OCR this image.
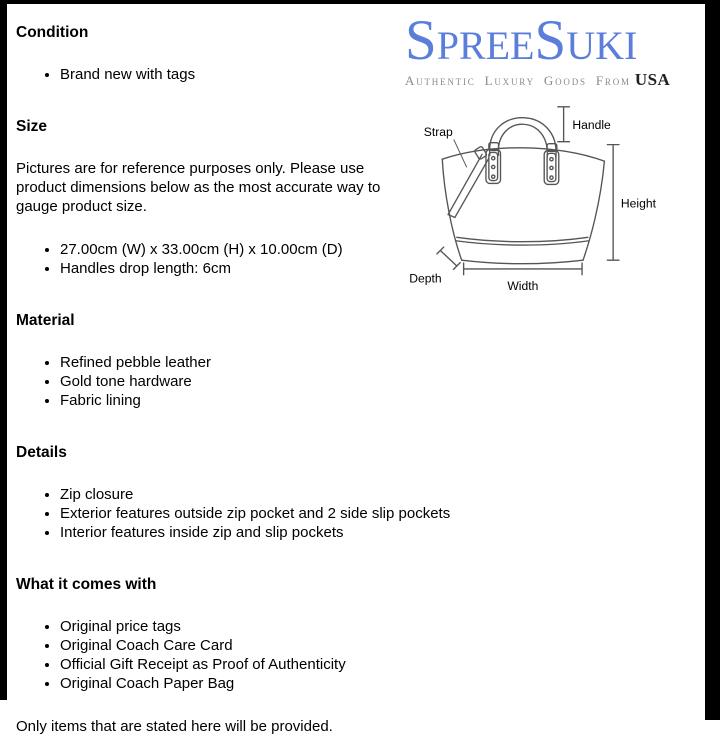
SpreeSuki
Authentic Luxury Goods From USA
Strap	Handle
Height
Depth
Width
Condition
• Brand new with tags
Size

Pictures are for reference purposes only. Please use product dimensions below as the most accurate way to gauge product size.

• 27.00cm (W) x 33.00cm (H) x 10.00cm (D)
• Handles drop length: 6cm
Material
• Refined pebble leather
• Gold tone hardware
• Fabric lining
Details
• Zip closure
• Exterior features outside zip pocket and 2 side slip pockets
• Interior features inside zip and slip pockets
What it comes with
• Original price tags
• Original Coach Care Card
• Official Gift Receipt as Proof of Authenticity
• Original Coach Paper Bag

Only items that are stated here will be provided.
